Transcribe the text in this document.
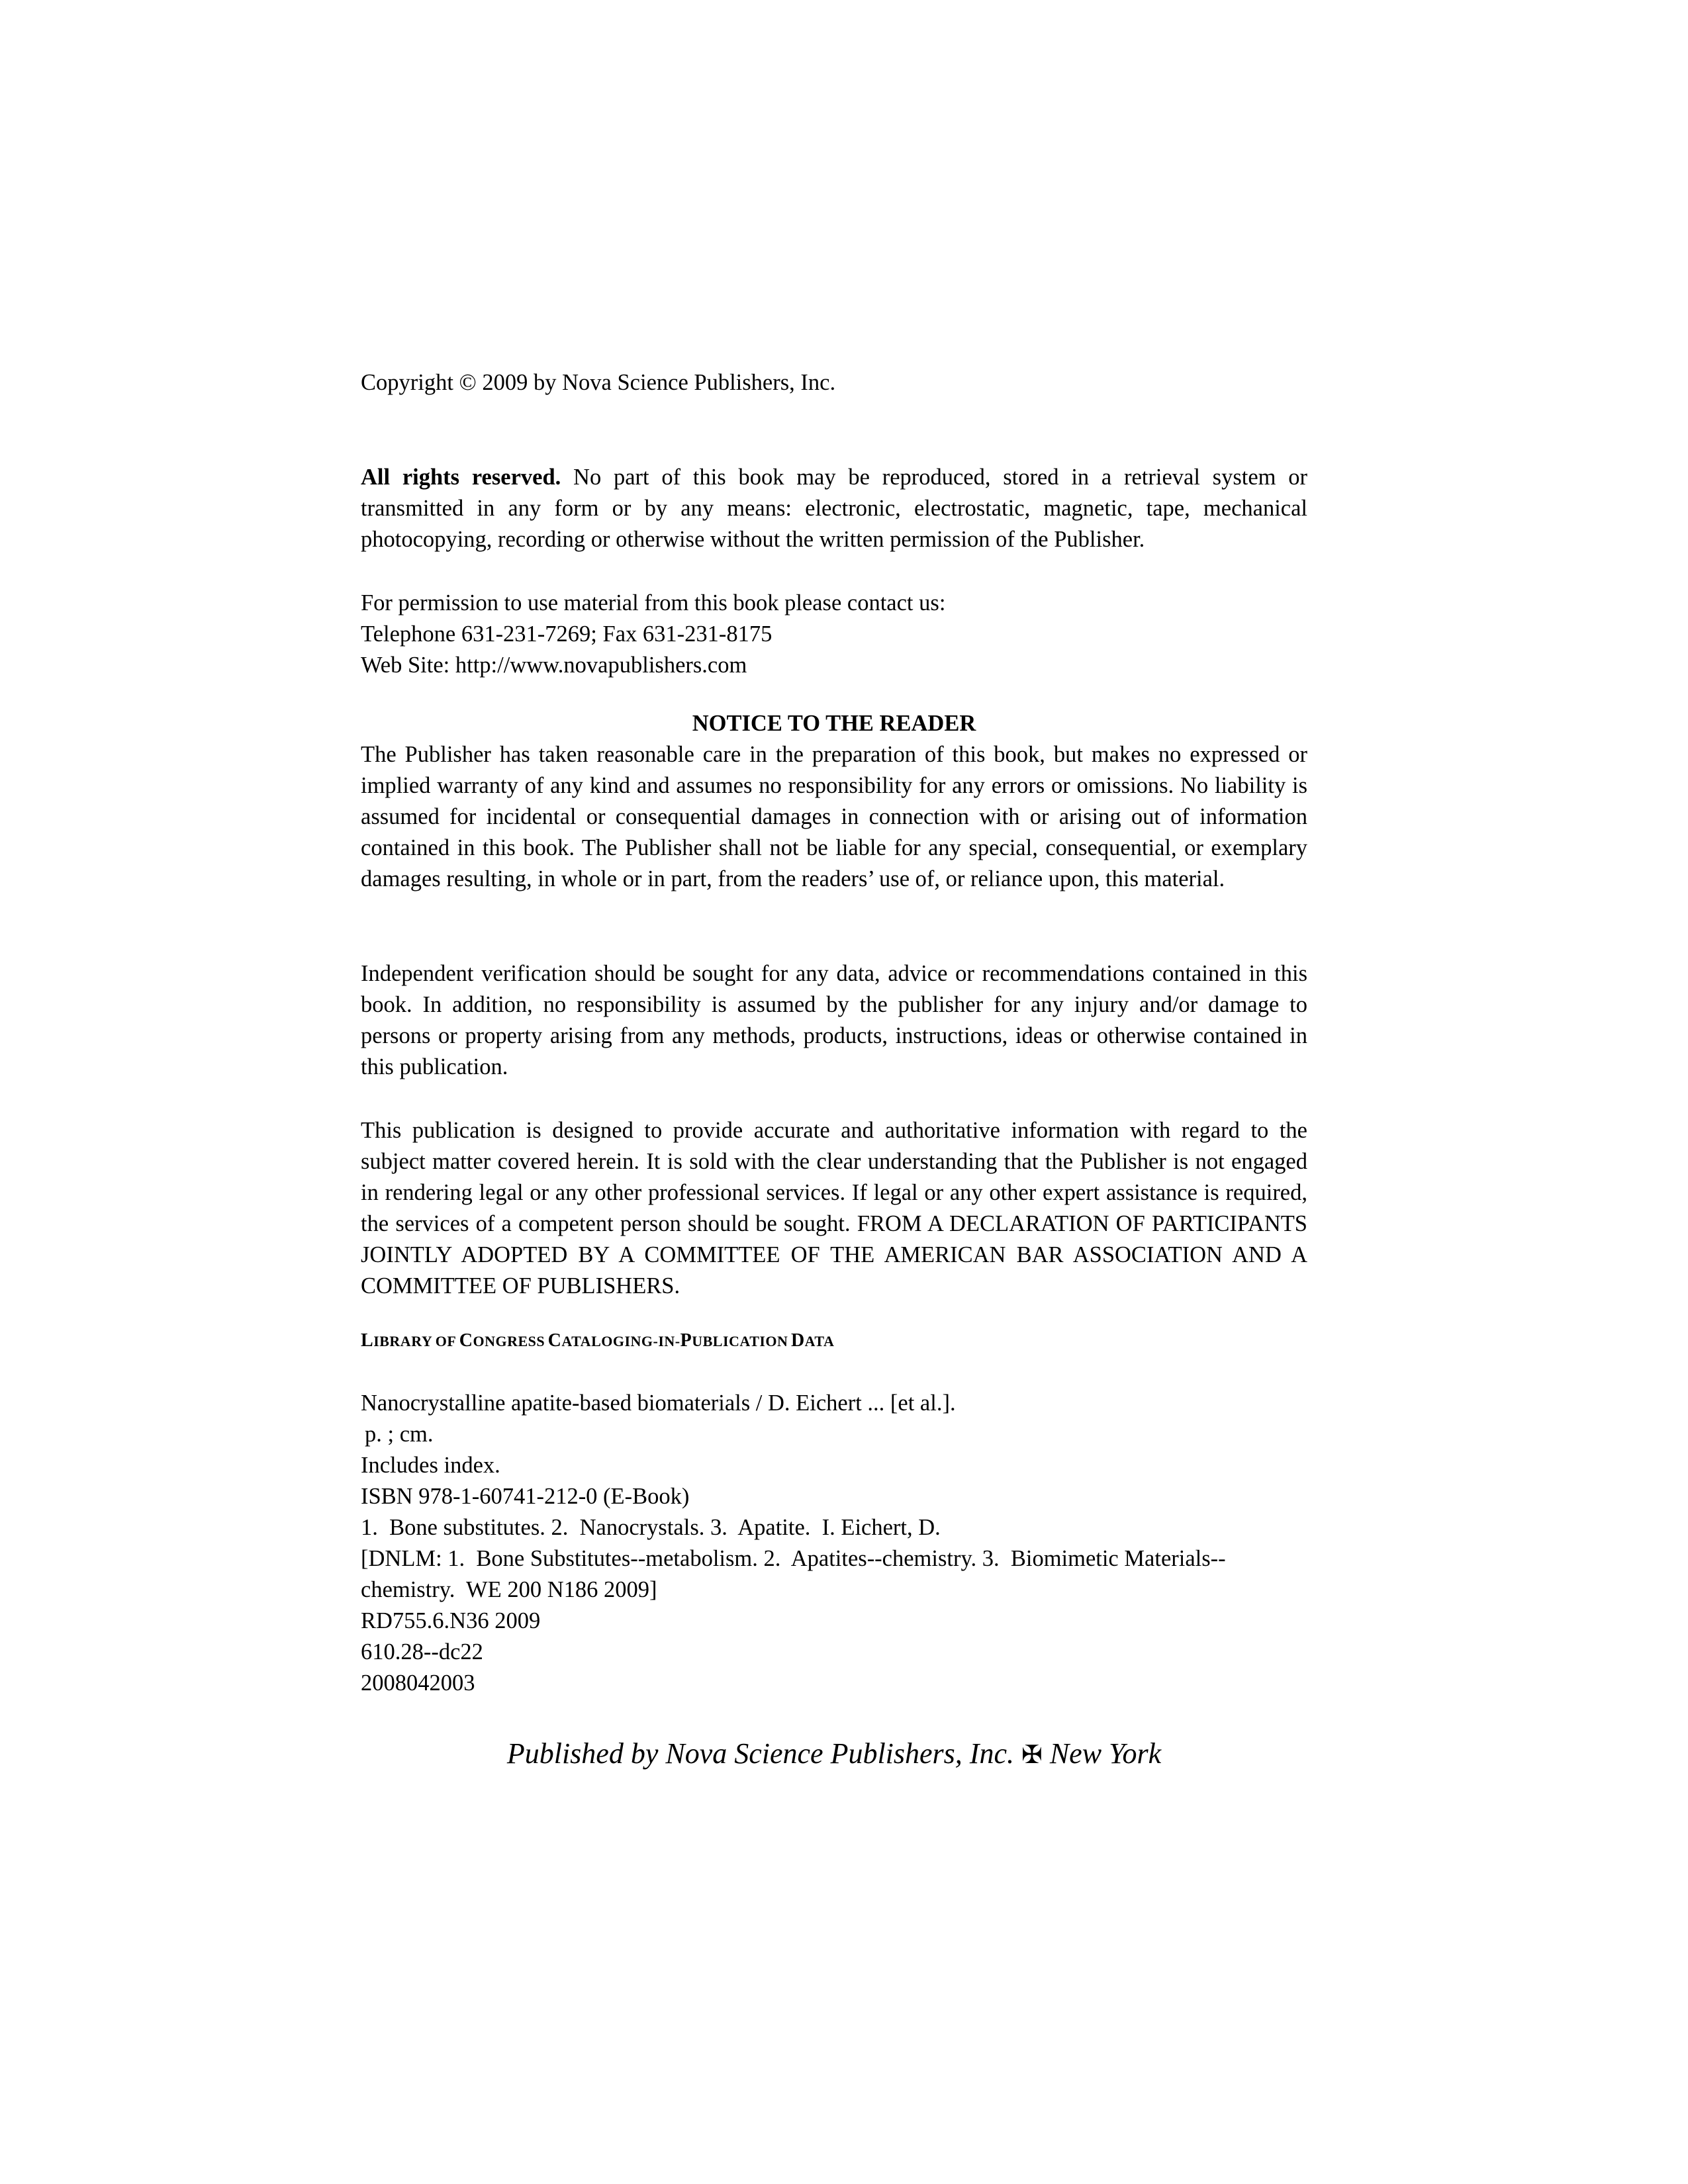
Copyright © 2009 by Nova Science Publishers, Inc.
All rights reserved. No part of this book may be reproduced, stored in a retrieval system or transmitted in any form or by any means: electronic, electrostatic, magnetic, tape, mechanical photocopying, recording or otherwise without the written permission of the Publisher.
For permission to use material from this book please contact us:
Telephone 631-231-7269; Fax 631-231-8175
Web Site: http://www.novapublishers.com
NOTICE TO THE READER
The Publisher has taken reasonable care in the preparation of this book, but makes no expressed or implied warranty of any kind and assumes no responsibility for any errors or omissions. No liability is assumed for incidental or consequential damages in connection with or arising out of information contained in this book. The Publisher shall not be liable for any special, consequential, or exemplary damages resulting, in whole or in part, from the readers’ use of, or reliance upon, this material.
Independent verification should be sought for any data, advice or recommendations contained in this book. In addition, no responsibility is assumed by the publisher for any injury and/or damage to persons or property arising from any methods, products, instructions, ideas or otherwise contained in this publication.
This publication is designed to provide accurate and authoritative information with regard to the subject matter covered herein. It is sold with the clear understanding that the Publisher is not engaged in rendering legal or any other professional services. If legal or any other expert assistance is required, the services of a competent person should be sought. FROM A DECLARATION OF PARTICIPANTS JOINTLY ADOPTED BY A COMMITTEE OF THE AMERICAN BAR ASSOCIATION AND A COMMITTEE OF PUBLISHERS.
LIBRARY OF CONGRESS CATALOGING-IN-PUBLICATION DATA
Nanocrystalline apatite-based biomaterials / D. Eichert ... [et al.].
p. ; cm.
Includes index.
ISBN 978-1-60741-212-0 (E-Book)
1.  Bone substitutes. 2.  Nanocrystals. 3.  Apatite.  I. Eichert, D.
[DNLM: 1.  Bone Substitutes--metabolism. 2.  Apatites--chemistry. 3.  Biomimetic Materials--
chemistry.  WE 200 N186 2009]
RD755.6.N36 2009
610.28--dc22
2008042003
Published by Nova Science Publishers, Inc. ✠ New York
